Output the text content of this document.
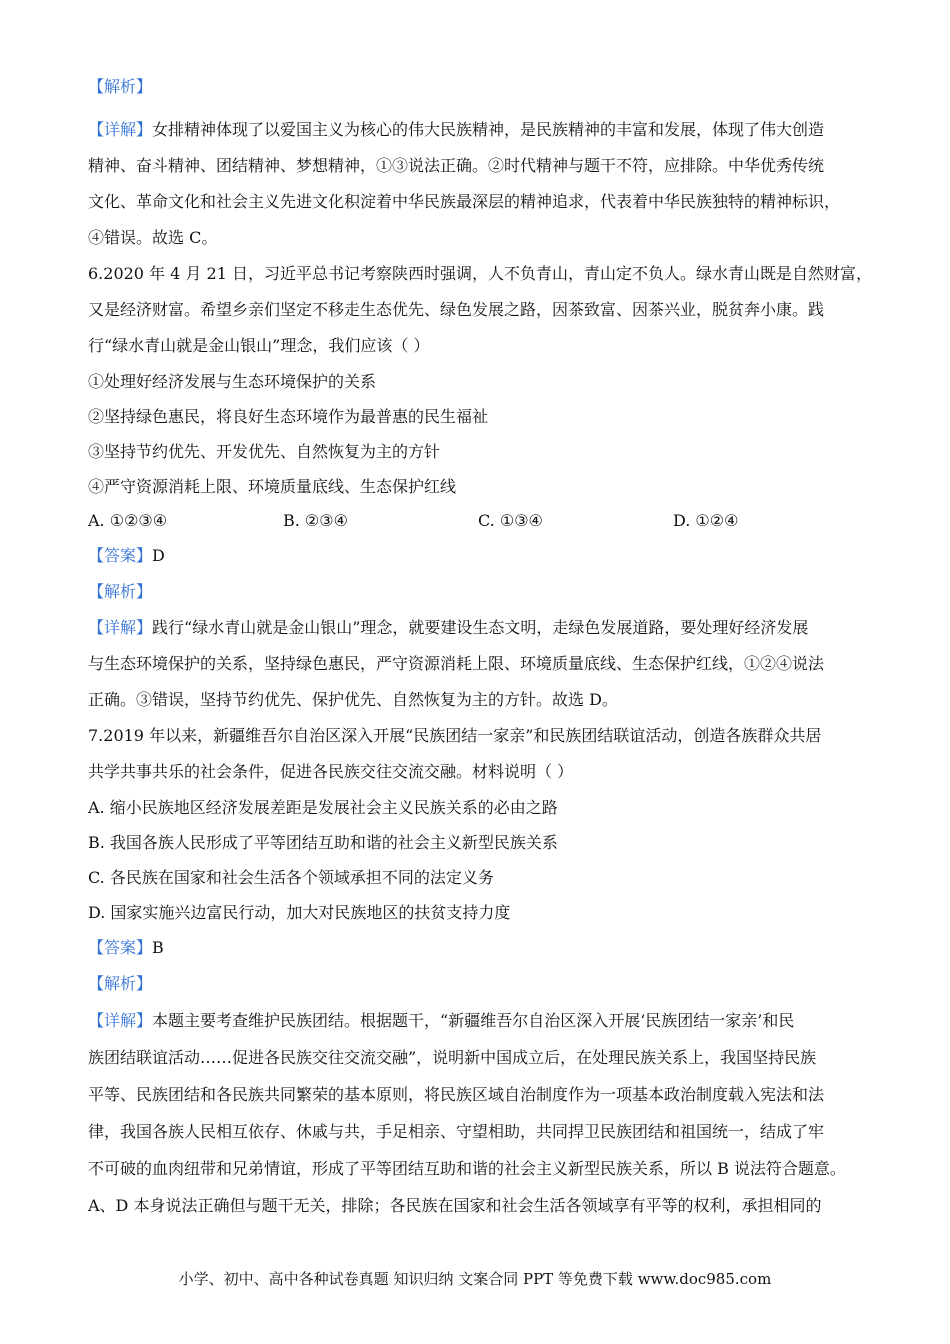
【解析】

【详解】女排精神体现了以爱国主义为核心的伟大民族精神，是民族精神的丰富和发展，体现了伟大创造
精神、奋斗精神、团结精神、梦想精神，①③说法正确。②时代精神与题干不符，应排除。中华优秀传统
文化、革命文化和社会主义先进文化积淀着中华民族最深层的精神追求，代表着中华民族独特的精神标识，
④错误。故选 C。
6.2020 年 4 月 21 日，习近平总书记考察陕西时强调，人不负青山，青山定不负人。绿水青山既是自然财富，
又是经济财富。希望乡亲们坚定不移走生态优先、绿色发展之路，因茶致富、因茶兴业，脱贫奔小康。践
行“绿水青山就是金山银山”理念，我们应该（ ）
①处理好经济发展与生态环境保护的关系
②坚持绿色惠民，将良好生态环境作为最普惠的民生福祉
③坚持节约优先、开发优先、自然恢复为主的方针
④严守资源消耗上限、环境质量底线、生态保护红线
A. ①②③④	B. ②③④	C. ①③④	D. ①②④
【答案】D
【解析】
【详解】践行“绿水青山就是金山银山”理念，就要建设生态文明，走绿色发展道路，要处理好经济发展
与生态环境保护的关系，坚持绿色惠民，严守资源消耗上限、环境质量底线、生态保护红线，①②④说法
正确。③错误，坚持节约优先、保护优先、自然恢复为主的方针。故选 D。
7.2019 年以来，新疆维吾尔自治区深入开展“民族团结一家亲”和民族团结联谊活动，创造各族群众共居
共学共事共乐的社会条件，促进各民族交往交流交融。材料说明（ ）
A. 缩小民族地区经济发展差距是发展社会主义民族关系的必由之路
B. 我国各族人民形成了平等团结互助和谐的社会主义新型民族关系
C. 各民族在国家和社会生活各个领域承担不同的法定义务
D. 国家实施兴边富民行动，加大对民族地区的扶贫支持力度
【答案】B
【解析】
【详解】本题主要考查维护民族团结。根据题干，“新疆维吾尔自治区深入开展‘民族团结一家亲’和民
族团结联谊活动……促进各民族交往交流交融”，说明新中国成立后，在处理民族关系上，我国坚持民族
平等、民族团结和各民族共同繁荣的基本原则，将民族区域自治制度作为一项基本政治制度载入宪法和法
律，我国各族人民相互依存、休戚与共，手足相亲、守望相助，共同捍卫民族团结和祖国统一，结成了牢
不可破的血肉纽带和兄弟情谊，形成了平等团结互助和谐的社会主义新型民族关系，所以 B 说法符合题意。
A、D 本身说法正确但与题干无关，排除；各民族在国家和社会生活各领域享有平等的权利，承担相同的
小学、初中、高中各种试卷真题 知识归纳 文案合同 PPT 等免费下载 www.doc985.com
